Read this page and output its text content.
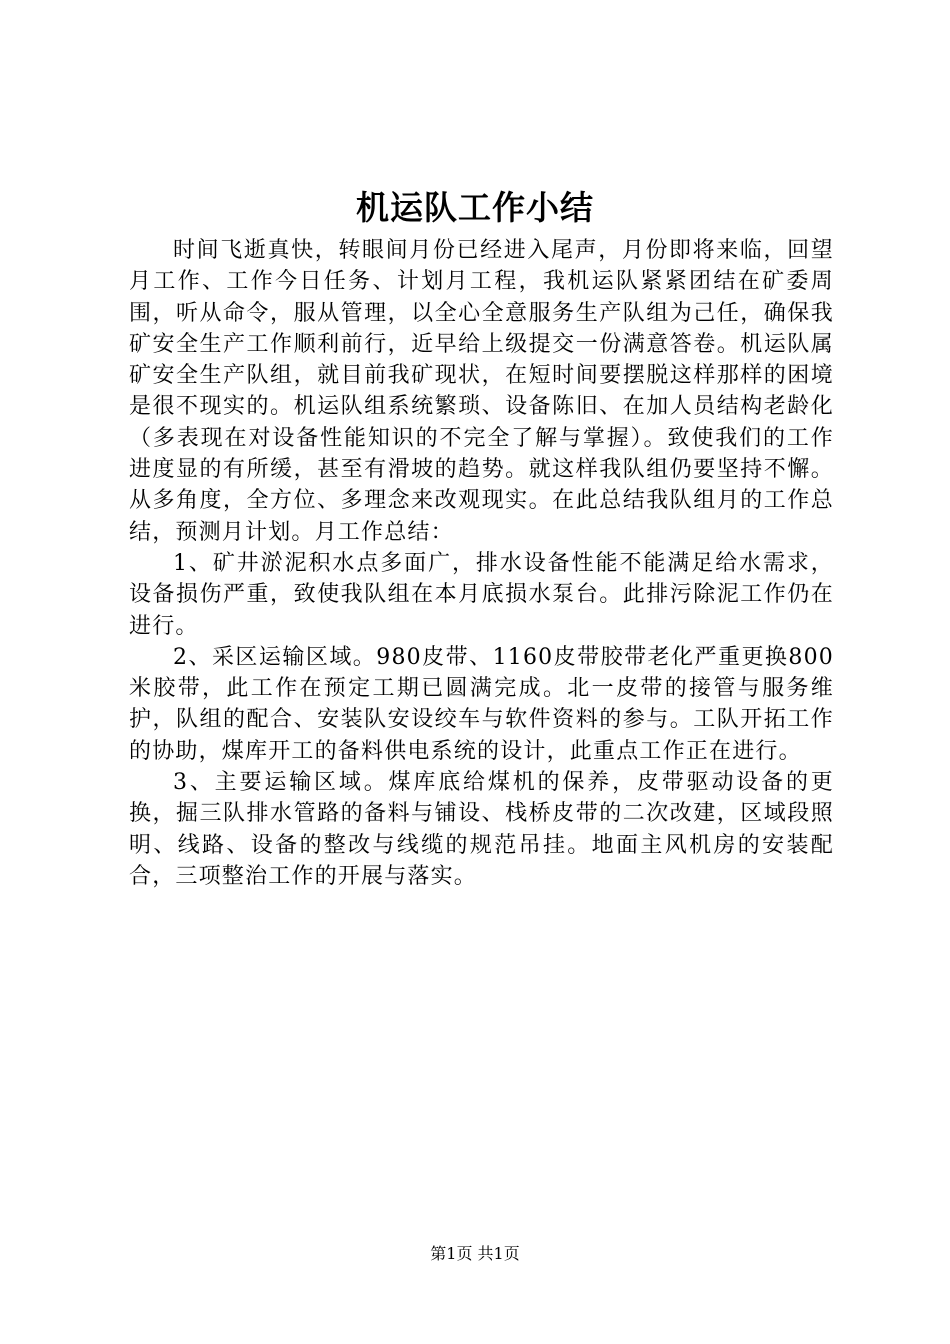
机运队工作小结

时间飞逝真快，转眼间月份已经进入尾声，月份即将来临，回望月工作、工作今日任务、计划月工程，我机运队紧紧团结在矿委周围，听从命令，服从管理，以全心全意服务生产队组为己任，确保我矿安全生产工作顺利前行，近早给上级提交一份满意答卷。机运队属矿安全生产队组，就目前我矿现状，在短时间要摆脱这样那样的困境是很不现实的。机运队组系统繁琐、设备陈旧、在加人员结构老龄化（多表现在对设备性能知识的不完全了解与掌握）。致使我们的工作进度显的有所缓，甚至有滑坡的趋势。就这样我队组仍要坚持不懈。从多角度，全方位、多理念来改观现实。在此总结我队组月的工作总结，预测月计划。月工作总结：

1、矿井淤泥积水点多面广，排水设备性能不能满足给水需求，设备损伤严重，致使我队组在本月底损水泵台。此排污除泥工作仍在进行。

2、采区运输区域。980皮带、1160皮带胶带老化严重更换800米胶带，此工作在预定工期已圆满完成。北一皮带的接管与服务维护，队组的配合、安装队安设绞车与软件资料的参与。工队开拓工作的协助，煤库开工的备料供电系统的设计，此重点工作正在进行。

3、主要运输区域。煤库底给煤机的保养，皮带驱动设备的更换，掘三队排水管路的备料与铺设、栈桥皮带的二次改建，区域段照明、线路、设备的整改与线缆的规范吊挂。地面主风机房的安装配合，三项整治工作的开展与落实。

第1页 共1页
